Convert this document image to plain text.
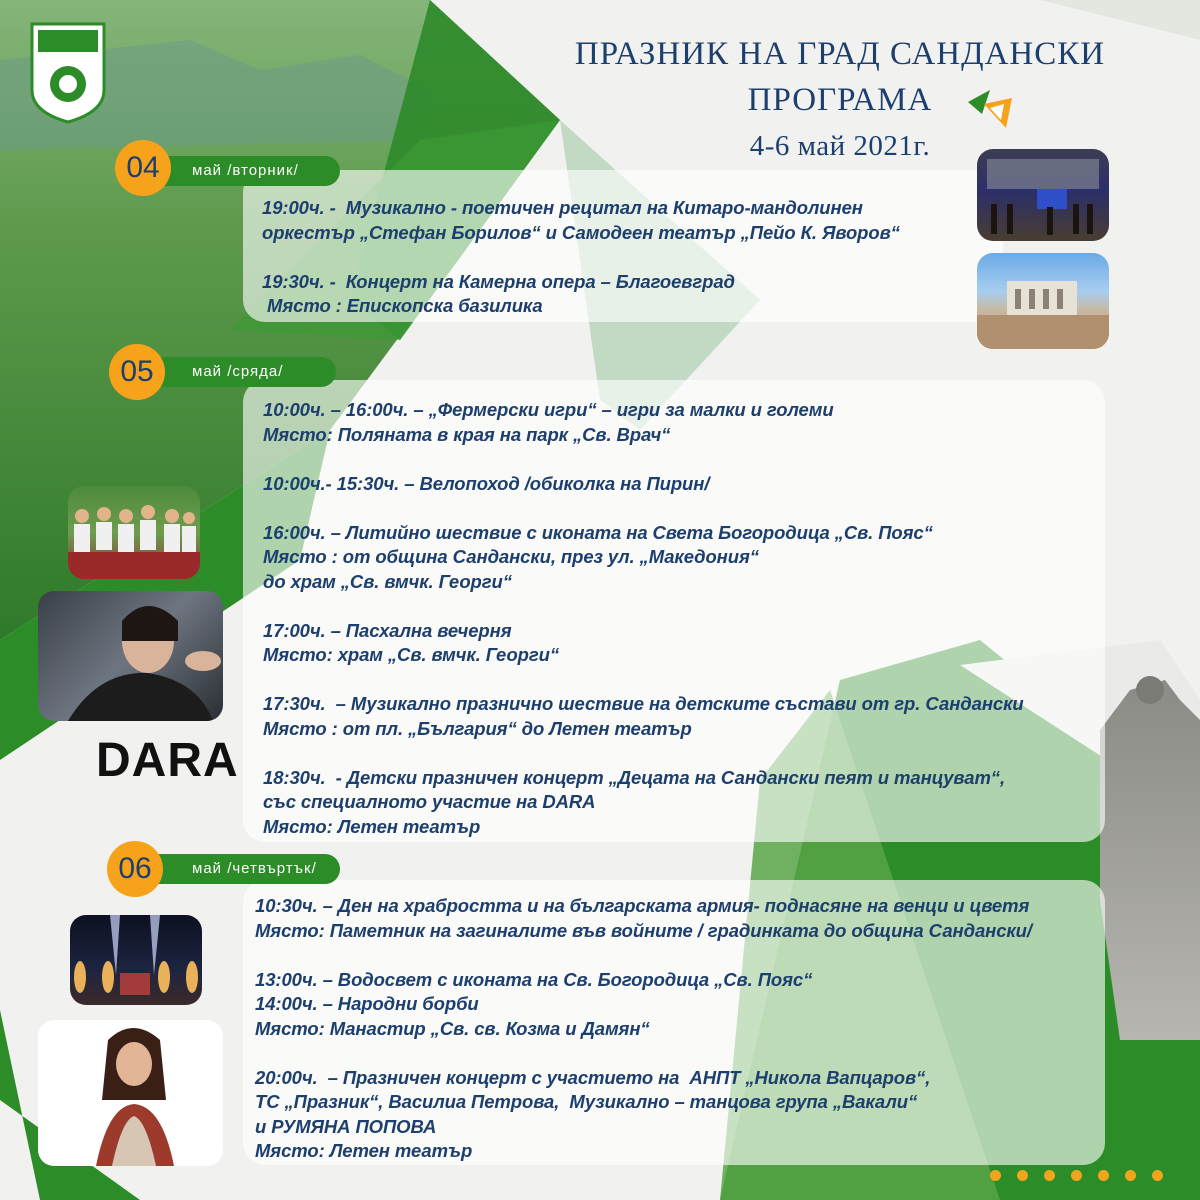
ПРАЗНИК НА ГРАД САНДАНСКИ
ПРОГРАМА
4-6 май 2021г.
май /вторник/
04
19:00ч. -  Музикално - поетичен рецитал на Китаро-мандолинен
оркестър „Стефан Борилов“ и Самодеен театър „Пейо К. Яворов“
19:30ч. -  Концерт на Камерна опера – Благоевград
Място : Епископска базилика
май /сряда/
05
10:00ч. – 16:00ч. – „Фермерски игри“ – игри за малки и големи
Място: Поляната в края на парк „Св. Врач“
10:00ч.- 15:30ч. – Велопоход /обиколка на Пирин/
16:00ч. – Литийно шествие с иконата на Света Богородица „Св. Пояс“
Място : от община Сандански, през ул. „Македония“
до храм „Св. вмчк. Георги“
17:00ч. – Пасхална вечерня
Място: храм „Св. вмчк. Георги“
17:30ч.  – Музикално празнично шествие на детските състави от гр. Сандански
Място : от пл. „България“ до Летен театър
18:30ч.  - Детски празничен концерт „Децата на Сандански пеят и танцуват“,
със специалното участие на DARA
Място: Летен театър
май /четвъртък/
06
10:30ч. – Ден на храбростта и на българската армия- поднасяне на венци и цветя
Място: Паметник на загиналите във войните / градинката до община Сандански/
13:00ч. – Водосвет с иконата на Св. Богородица „Св. Пояс“
14:00ч. – Народни борби
Място: Манастир „Св. св. Козма и Дамян“
20:00ч.  – Празничен концерт с участието на  АНПТ „Никола Вапцаров“,
ТС „Празник“, Василиа Петрова,  Музикално – танцова група „Вакали“
и РУМЯНА ПОПОВА
Място: Летен театър
DARA
